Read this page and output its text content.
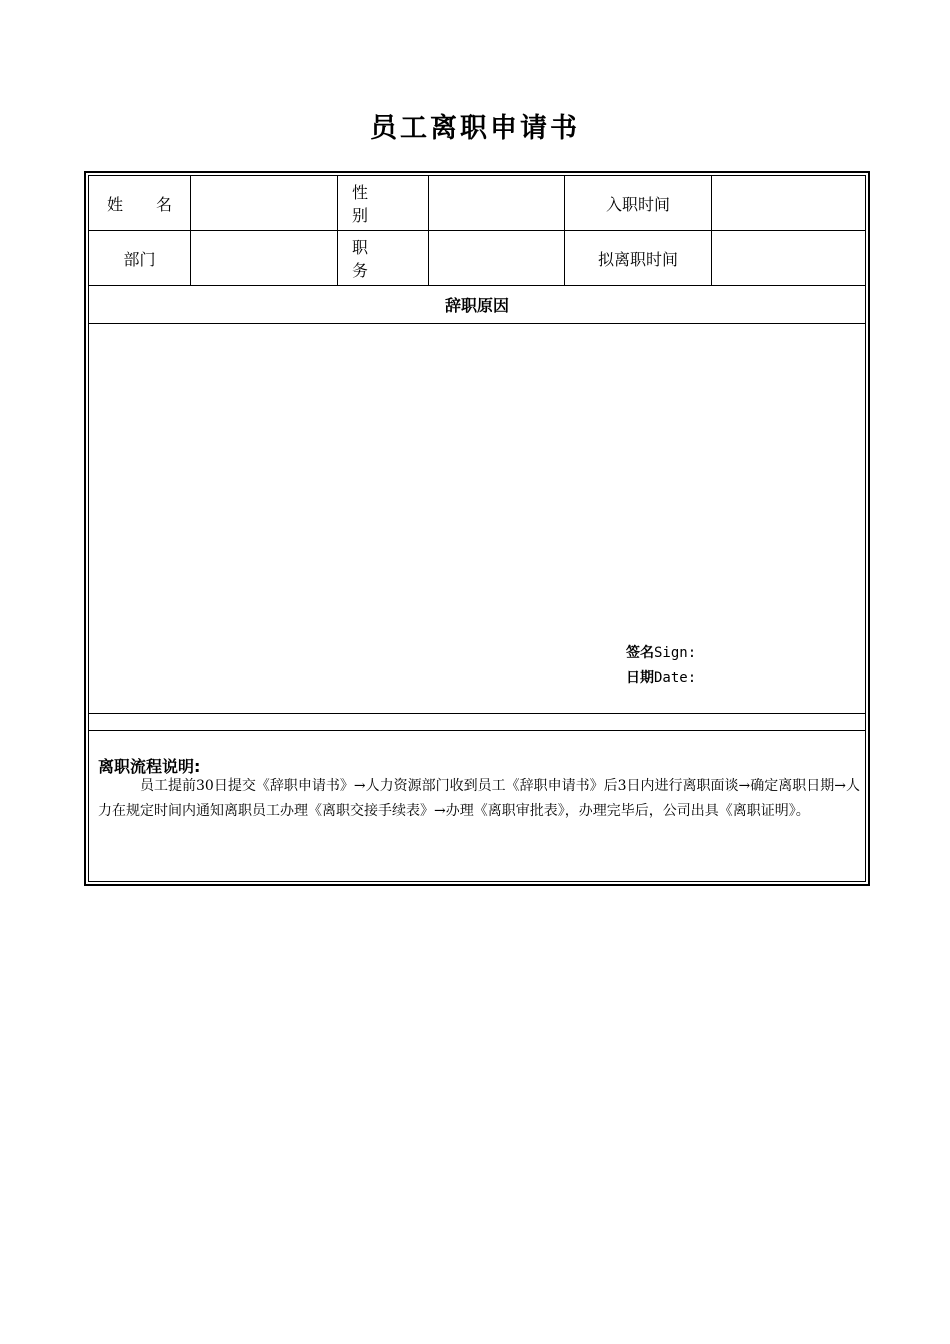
员工离职申请书
姓 名
性 别
入职时间
部门
职 务
拟离职时间
辞职原因
签名Sign:
日期Date:
离职流程说明:
员工提前30日提交《辞职申请书》→人力资源部门收到员工《辞职申请书》后3日内进行离职面谈→确定离职日期→人力在规定时间内通知离职员工办理《离职交接手续表》→办理《离职审批表》，办理完毕后，公司出具《离职证明》。
